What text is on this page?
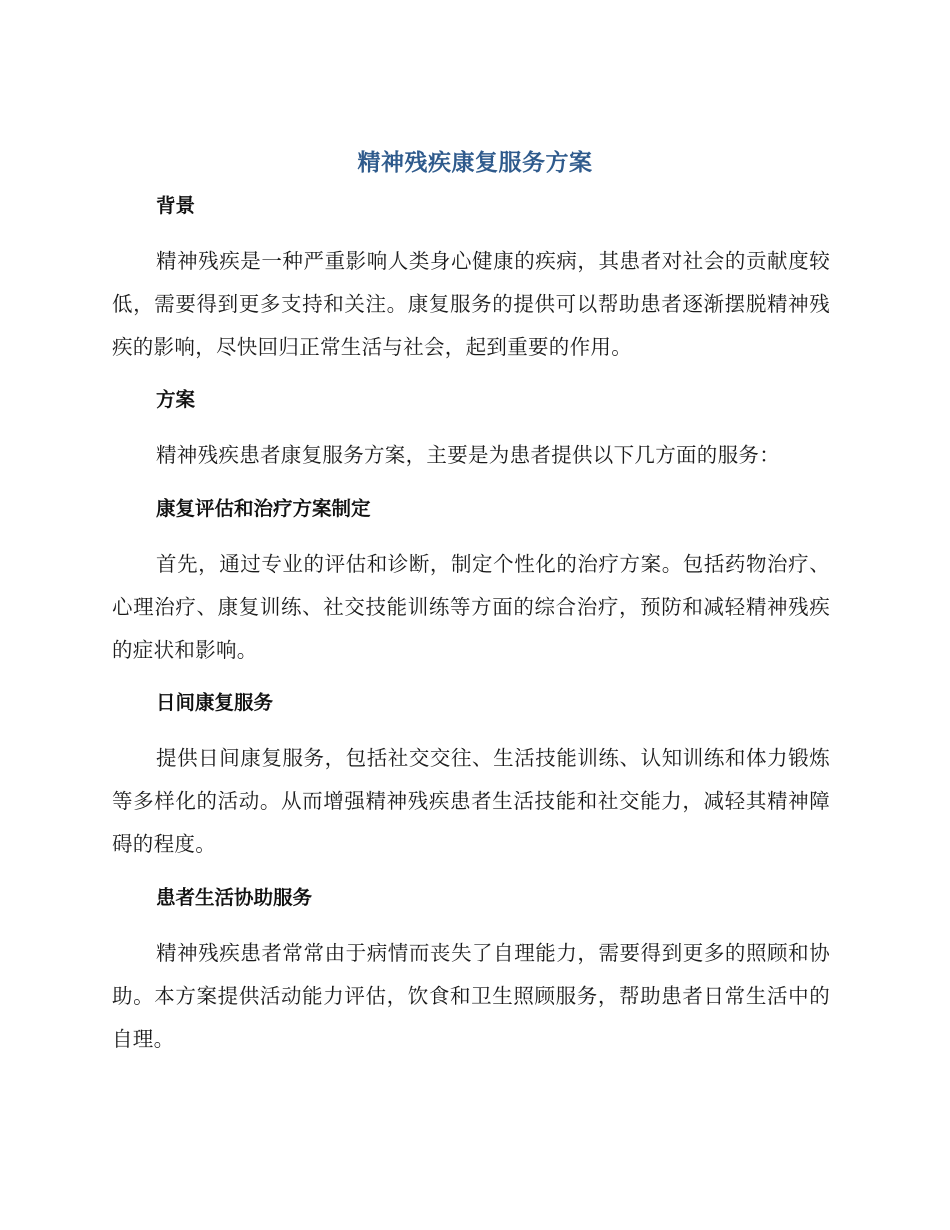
精神残疾康复服务方案
背景
精神残疾是一种严重影响人类身心健康的疾病，其患者对社会的贡献度较低，需要得到更多支持和关注。康复服务的提供可以帮助患者逐渐摆脱精神残疾的影响，尽快回归正常生活与社会，起到重要的作用。
方案
精神残疾患者康复服务方案，主要是为患者提供以下几方面的服务：
康复评估和治疗方案制定
首先，通过专业的评估和诊断，制定个性化的治疗方案。包括药物治疗、心理治疗、康复训练、社交技能训练等方面的综合治疗，预防和减轻精神残疾的症状和影响。
日间康复服务
提供日间康复服务，包括社交交往、生活技能训练、认知训练和体力锻炼等多样化的活动。从而增强精神残疾患者生活技能和社交能力，减轻其精神障碍的程度。
患者生活协助服务
精神残疾患者常常由于病情而丧失了自理能力，需要得到更多的照顾和协助。本方案提供活动能力评估，饮食和卫生照顾服务，帮助患者日常生活中的自理。
